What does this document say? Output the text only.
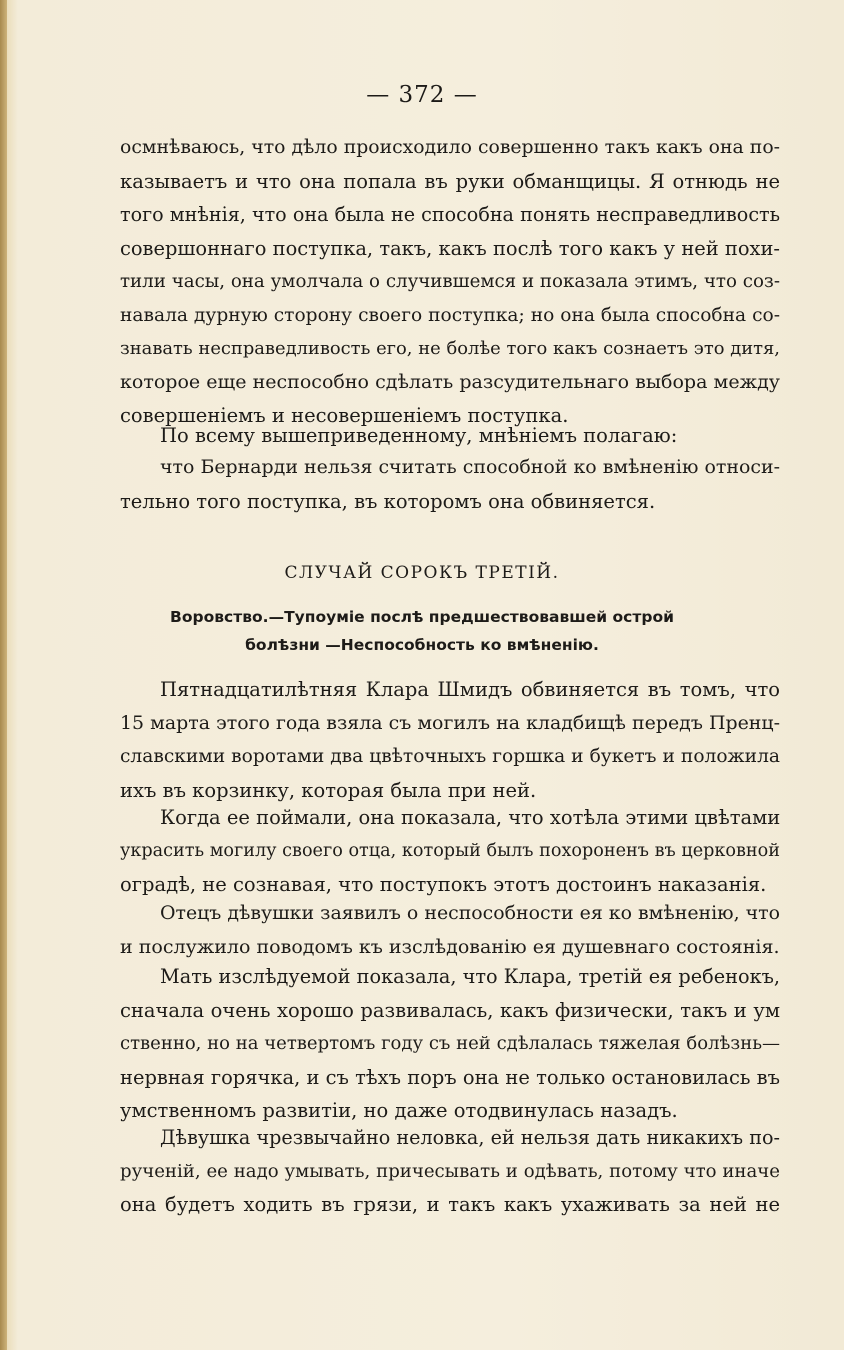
— 372 —
осмнѣваюсь, что дѣло происходило совершенно такъ какъ она по-
казываетъ и что она попала въ руки обманщицы. Я отнюдь не
того мнѣнія, что она была не способна понять несправедливость
совершоннаго поступка, такъ, какъ послѣ того какъ у ней похи-
тили часы, она умолчала о случившемся и показала этимъ, что соз-
навала дурную сторону своего поступка; но она была способна со-
знавать несправедливость его, не болѣе того какъ сознаетъ это дитя,
которое еще неспособно сдѣлать разсудительнаго выбора между
совершеніемъ и несовершеніемъ поступка.
По всему вышеприведенному, мнѣніемъ полагаю:
что Бернарди нельзя считать способной ко вмѣненію относи-
тельно того поступка, въ которомъ она обвиняется.
СЛУЧАЙ СОРОКЪ ТРЕТІЙ.
Воровство.—Тупоуміе послѣ предшествовавшей острой
болѣзни —Неспособность ко вмѣненію.
Пятнадцатилѣтняя Клара Шмидъ обвиняется въ томъ, что
15 марта этого года взяла съ могилъ на кладбищѣ передъ Пренц-
славскими воротами два цвѣточныхъ горшка и букетъ и положила
ихъ въ корзинку, которая была при ней.
Когда ее поймали, она показала, что хотѣла этими цвѣтами
украсить могилу своего отца, который былъ похороненъ въ церковной
оградѣ, не сознавая, что поступокъ этотъ достоинъ наказанія.
Отецъ дѣвушки заявилъ о неспособности ея ко вмѣненію, что
и послужило поводомъ къ изслѣдованію ея душевнаго состоянія.
Мать изслѣдуемой показала, что Клара, третій ея ребенокъ,
сначала очень хорошо развивалась, какъ физически, такъ и ум
ственно, но на четвертомъ году съ ней сдѣлалась тяжелая болѣзнь—
нервная горячка, и съ тѣхъ поръ она не только остановилась въ
умственномъ развитіи, но даже отодвинулась назадъ.
Дѣвушка чрезвычайно неловка, ей нельзя дать никакихъ по-
рученій, ее надо умывать, причесывать и одѣвать, потому что иначе
она будетъ ходить въ грязи, и такъ какъ ухаживать за ней не
